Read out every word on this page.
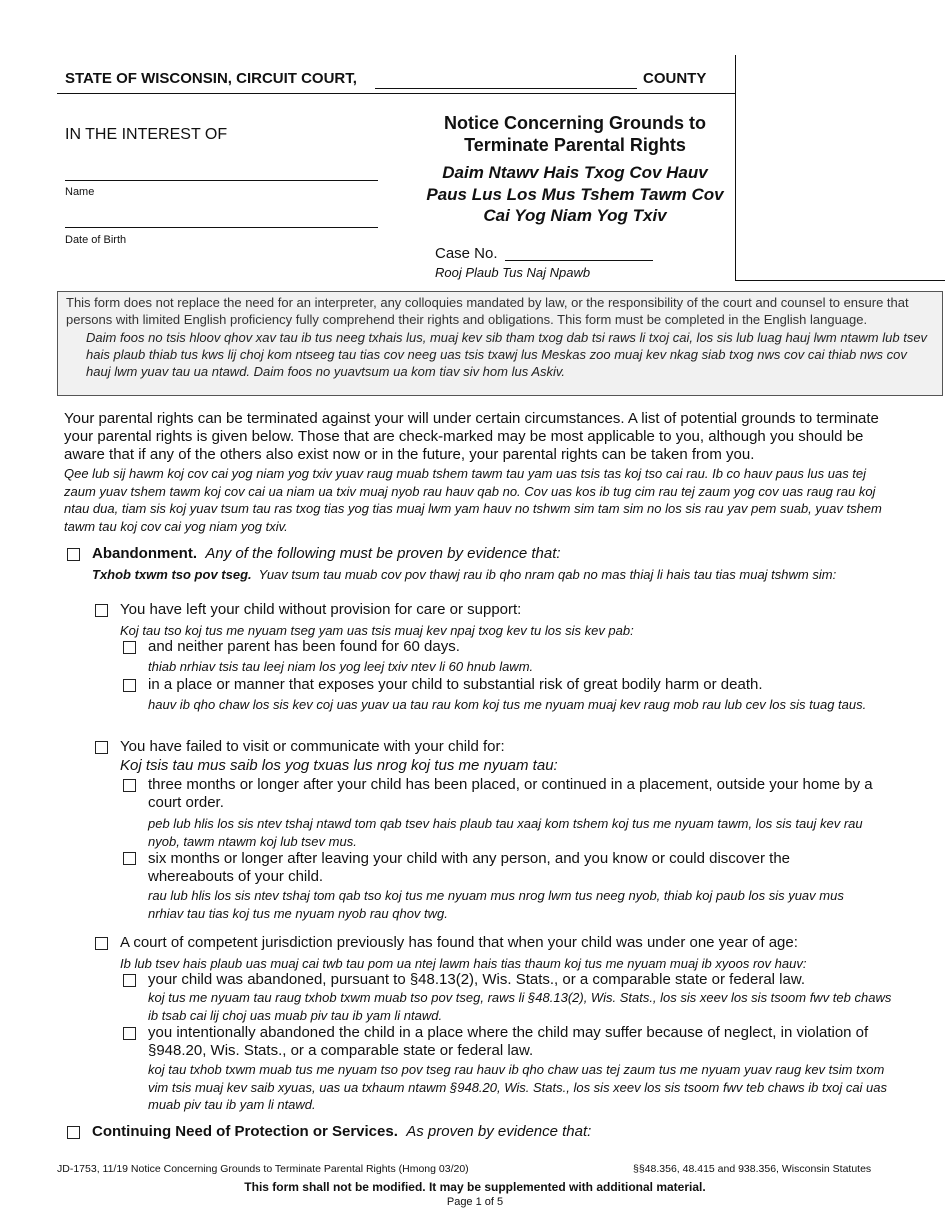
STATE OF WISCONSIN, CIRCUIT COURT,	COUNTY
IN THE INTEREST OF
Name
Date of Birth
Notice Concerning Grounds to
Terminate Parental Rights
Daim Ntawv Hais Txog Cov Hauv
Paus Lus Los Mus Tshem Tawm Cov
Cai Yog Niam Yog Txiv
Case No.
Rooj Plaub Tus Naj Npawb
This form does not replace the need for an interpreter, any colloquies mandated by law, or the responsibility of the court and counsel to ensure that persons with limited English proficiency fully comprehend their rights and obligations. This form must be completed in the English language.
Daim foos no tsis hloov qhov xav tau ib tus neeg txhais lus, muaj kev sib tham txog dab tsi raws li txoj cai, los sis lub luag hauj lwm ntawm lub tsev hais plaub thiab tus kws lij choj kom ntseeg tau tias cov neeg uas tsis txawj lus Meskas zoo muaj kev nkag siab txog nws cov cai thiab nws cov hauj lwm yuav tau ua ntawd. Daim foos no yuavtsum ua kom tiav siv hom lus Askiv.
Your parental rights can be terminated against your will under certain circumstances. A list of potential grounds to terminate your parental rights is given below. Those that are check-marked may be most applicable to you, although you should be aware that if any of the others also exist now or in the future, your parental rights can be taken from you.
Qee lub sij hawm koj cov cai yog niam yog txiv yuav raug muab tshem tawm tau yam uas tsis tas koj tso cai rau. Ib co hauv paus lus uas tej zaum yuav tshem tawm koj cov cai ua niam ua txiv muaj nyob rau hauv qab no. Cov uas kos ib tug cim rau tej zaum yog cov uas raug rau koj ntau dua, tiam sis koj yuav tsum tau ras txog tias yog tias muaj lwm yam hauv no tshwm sim tam sim no los sis rau yav pem suab, yuav tshem tawm tau koj cov cai yog niam yog txiv.
Abandonment. Any of the following must be proven by evidence that:
Txhob txwm tso pov tseg. Yuav tsum tau muab cov pov thawj rau ib qho nram qab no mas thiaj li hais tau tias muaj tshwm sim:
You have left your child without provision for care or support:
Koj tau tso koj tus me nyuam tseg yam uas tsis muaj kev npaj txog kev tu los sis kev pab:
and neither parent has been found for 60 days.
thiab nrhiav tsis tau leej niam los yog leej txiv ntev li 60 hnub lawm.
in a place or manner that exposes your child to substantial risk of great bodily harm or death.
hauv ib qho chaw los sis kev coj uas yuav ua tau rau kom koj tus me nyuam muaj kev raug mob rau lub cev los sis tuag taus.
You have failed to visit or communicate with your child for:
Koj tsis tau mus saib los yog txuas lus nrog koj tus me nyuam tau:
three months or longer after your child has been placed, or continued in a placement, outside your home by a court order.
peb lub hlis los sis ntev tshaj ntawd tom qab tsev hais plaub tau xaaj kom tshem koj tus me nyuam tawm, los sis tauj kev rau nyob, tawm ntawm koj lub tsev mus.
six months or longer after leaving your child with any person, and you know or could discover the whereabouts of your child.
rau lub hlis los sis ntev tshaj tom qab tso koj tus me nyuam mus nrog lwm tus neeg nyob, thiab koj paub los sis yuav mus nrhiav tau tias koj tus me nyuam nyob rau qhov twg.
A court of competent jurisdiction previously has found that when your child was under one year of age:
Ib lub tsev hais plaub uas muaj cai twb tau pom ua ntej lawm hais tias thaum koj tus me nyuam muaj ib xyoos rov hauv:
your child was abandoned, pursuant to §48.13(2), Wis. Stats., or a comparable state or federal law.
koj tus me nyuam tau raug txhob txwm muab tso pov tseg, raws li §48.13(2), Wis. Stats., los sis xeev los sis tsoom fwv teb chaws ib tsab cai lij choj uas muab piv tau ib yam li ntawd.
you intentionally abandoned the child in a place where the child may suffer because of neglect, in violation of §948.20, Wis. Stats., or a comparable state or federal law.
koj tau txhob txwm muab tus me nyuam tso pov tseg rau hauv ib qho chaw uas tej zaum tus me nyuam yuav raug kev tsim txom vim tsis muaj kev saib xyuas, uas ua txhaum ntawm §948.20, Wis. Stats., los sis xeev los sis tsoom fwv teb chaws ib txoj cai uas muab piv tau ib yam li ntawd.
Continuing Need of Protection or Services. As proven by evidence that:
JD-1753, 11/19 Notice Concerning Grounds to Terminate Parental Rights (Hmong 03/20)	§§48.356, 48.415 and 938.356, Wisconsin Statutes
This form shall not be modified. It may be supplemented with additional material.
Page 1 of 5
